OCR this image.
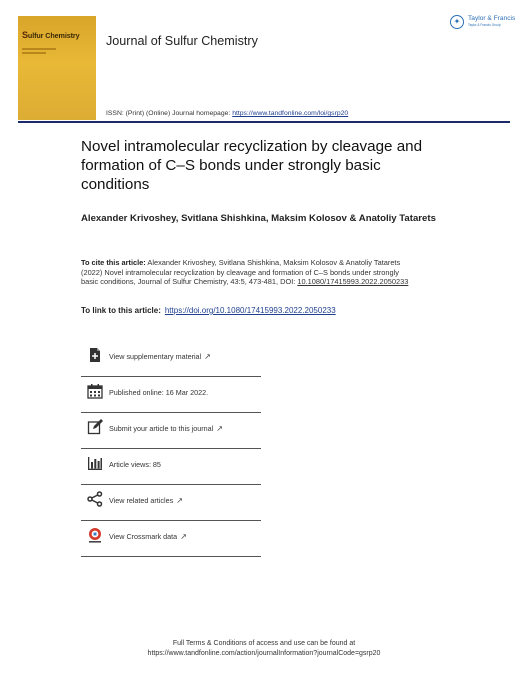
Sulfur Chemistry	Journal of Sulfur Chemistry
✦	Taylor & Francis
Taylor & Francis Group
ISSN: (Print) (Online) Journal homepage: https://www.tandfonline.com/loi/gsrp20
Novel intramolecular recyclization by cleavage and formation of C–S bonds under strongly basic conditions
Alexander Krivoshey, Svitlana Shishkina, Maksim Kolosov & Anatoliy Tatarets
To cite this article: Alexander Krivoshey, Svitlana Shishkina, Maksim Kolosov & Anatoliy Tatarets (2022) Novel intramolecular recyclization by cleavage and formation of C–S bonds under strongly basic conditions, Journal of Sulfur Chemistry, 43:5, 473-481, DOI: 10.1080/17415993.2022.2050233
To link to this article: https://doi.org/10.1080/17415993.2022.2050233
View supplementary material ↗
Published online: 16 Mar 2022.
Submit your article to this journal ↗
Article views: 85
View related articles ↗
View Crossmark data ↗
Full Terms & Conditions of access and use can be found at
https://www.tandfonline.com/action/journalInformation?journalCode=gsrp20
